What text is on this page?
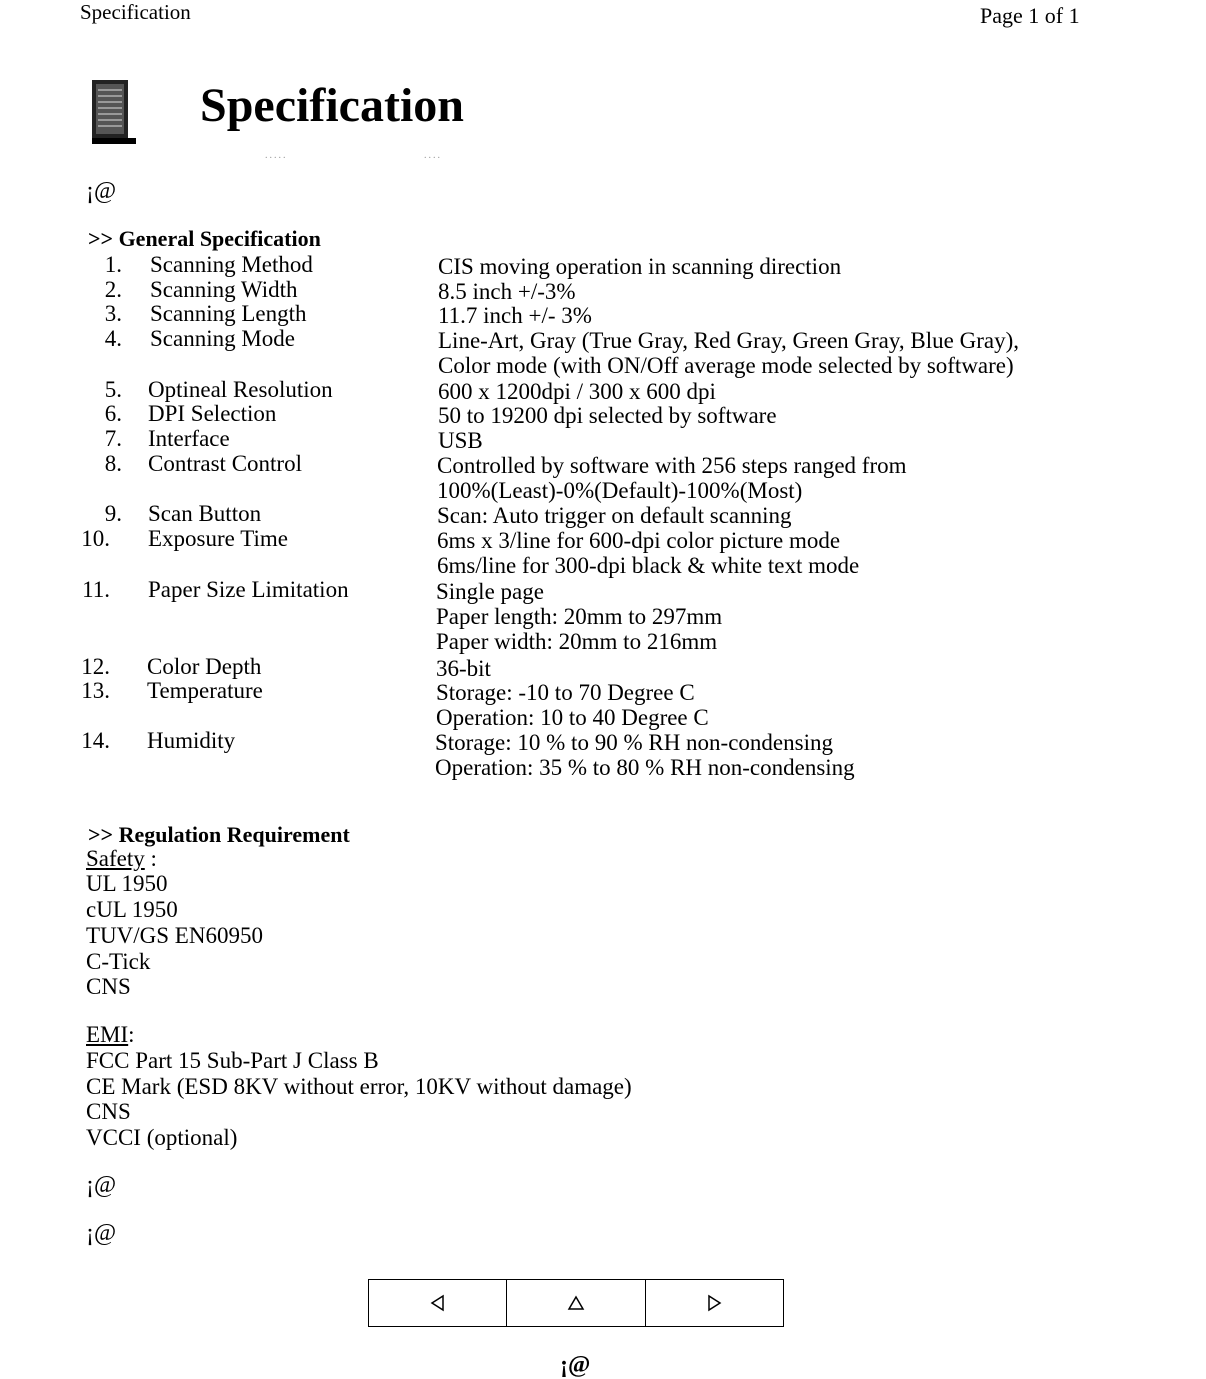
Specification	Page 1 of 1
Specification
.....	....
¡@
>> General Specification
1. Scanning Method	CIS moving operation in scanning direction
2. Scanning Width	8.5 inch +/-3%
3. Scanning Length	11.7 inch +/- 3%
4. Scanning Mode	Line-Art, Gray (True Gray, Red Gray, Green Gray, Blue Gray),
Color mode (with ON/Off average mode selected by software)
5. Optineal Resolution	600 x 1200dpi / 300 x 600 dpi
6. DPI Selection	50 to 19200 dpi selected by software
7. Interface	USB
8. Contrast Control	Controlled by software with 256 steps ranged from
100%(Least)-0%(Default)-100%(Most)
9. Scan Button	Scan: Auto trigger on default scanning
10. Exposure Time	6ms x 3/line for 600-dpi color picture mode
6ms/line for 300-dpi black & white text mode
11. Paper Size Limitation	Single page
Paper length: 20mm to 297mm
Paper width: 20mm to 216mm
12. Color Depth	36-bit
13. Temperature	Storage: -10 to 70 Degree C
Operation: 10 to 40 Degree C
14. Humidity	Storage: 10 % to 90 % RH non-condensing
Operation: 35 % to 80 % RH non-condensing
>> Regulation Requirement
Safety :
UL 1950
cUL 1950
TUV/GS EN60950
C-Tick
CNS
EMI:
FCC Part 15 Sub-Part J Class B
CE Mark (ESD 8KV without error, 10KV without damage)
CNS
VCCI (optional)
¡@
¡@
¡@
